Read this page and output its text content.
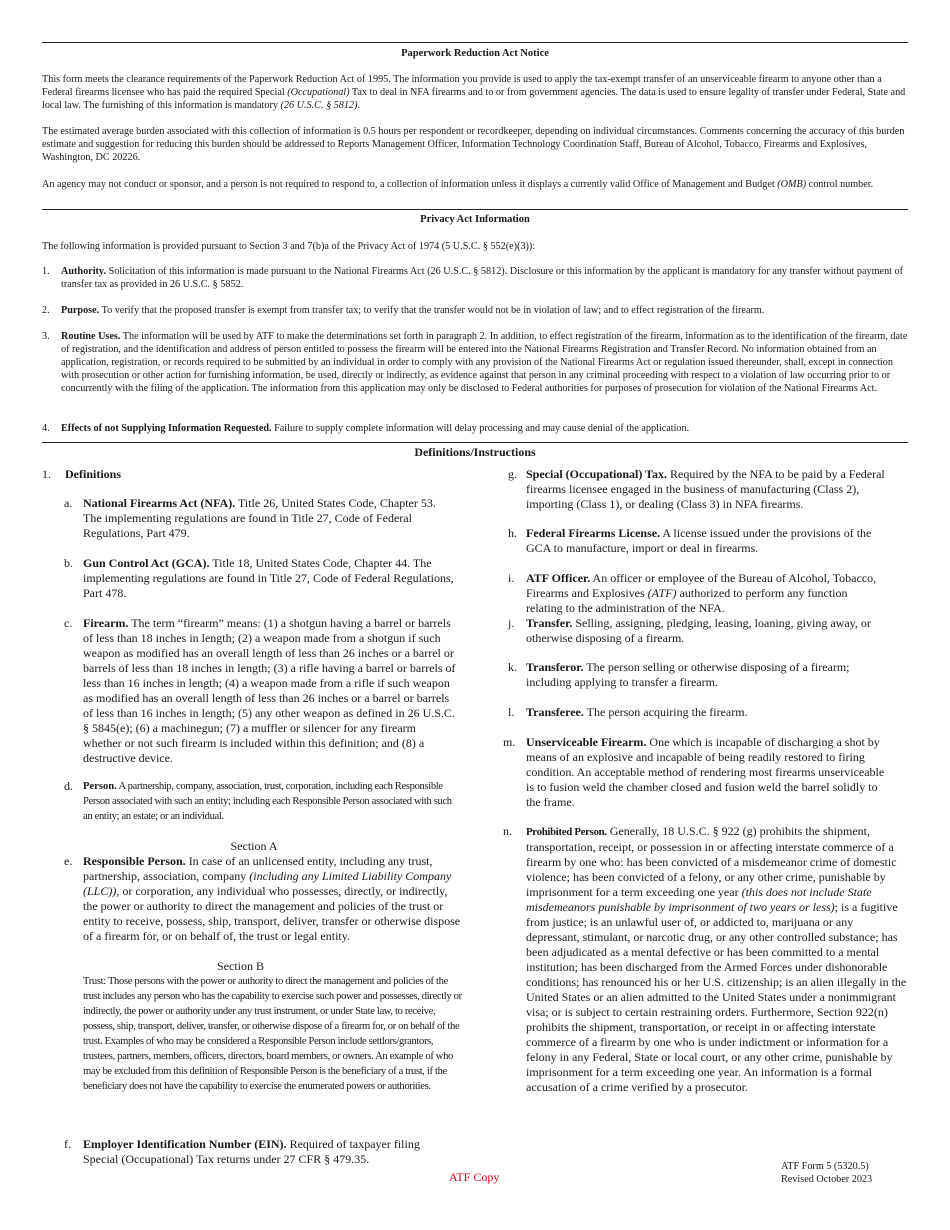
Paperwork Reduction Act Notice

This form meets the clearance requirements of the Paperwork Reduction Act of 1995. The information you provide is used to apply the tax-exempt transfer of an unserviceable firearm to anyone other than a Federal firearms licensee who has paid the required Special (Occupational) Tax to deal in NFA firearms and to or from government agencies. The data is used to ensure legality of transfer under Federal, State and local law. The furnishing of this information is mandatory (26 U.S.C. § 5812).

The estimated average burden associated with this collection of information is 0.5 hours per respondent or recordkeeper, depending on individual circumstances. Comments concerning the accuracy of this burden estimate and suggestion for reducing this burden should be addressed to Reports Management Officer, Information Technology Coordination Staff, Bureau of Alcohol, Tobacco, Firearms and Explosives, Washington, DC 20226.

An agency may not conduct or sponsor, and a person is not required to respond to, a collection of information unless it displays a currently valid Office of Management and Budget (OMB) control number.

Privacy Act Information

The following information is provided pursuant to Section 3 and 7(b)a of the Privacy Act of 1974 (5 U.S.C. § 552(e)(3)):

1. Authority. Solicitation of this information is made pursuant to the National Firearms Act (26 U.S.C. § 5812). Disclosure or this information by the applicant is mandatory for any transfer without payment of transfer tax as provided in 26 U.S.C. § 5852.
2. Purpose. To verify that the proposed transfer is exempt from transfer tax; to verify that the transfer would not be in violation of law; and to effect registration of the firearm.
3. Routine Uses. The information will be used by ATF to make the determinations set forth in paragraph 2. In addition, to effect registration of the firearm, information as to the identification of the firearm, date of registration, and the identification and address of person entitled to possess the firearm will be entered into the National Firearms Registration and Transfer Record. No information obtained from an application, registration, or records required to be submitted by an individual in order to comply with any provision of the National Firearms Act or regulation issued thereunder, shall, except in connection with prosecution or other action for furnishing information, be used, directly or indirectly, as evidence against that person in any criminal proceeding with respect to a violation of law occurring prior to or concurrently with the filing of the application. The information from this application may only be disclosed to Federal authorities for purposes of prosecution for violation of the National Firearms Act.
4. Effects of not Supplying Information Requested. Failure to supply complete information will delay processing and may cause denial of the application.
Definitions/Instructions
1. Definitions
a. National Firearms Act (NFA). Title 26, United States Code, Chapter 53. The implementing regulations are found in Title 27, Code of Federal Regulations, Part 479.
b. Gun Control Act (GCA). Title 18, United States Code, Chapter 44. The implementing regulations are found in Title 27, Code of Federal Regulations, Part 478.
c. Firearm. The term “firearm” means: (1) a shotgun having a barrel or barrels of less than 18 inches in length; (2) a weapon made from a shotgun if such weapon as modified has an overall length of less than 26 inches or a barrel or barrels of less than 18 inches in length; (3) a rifle having a barrel or barrels of less than 16 inches in length; (4) a weapon made from a rifle if such weapon as modified has an overall length of less than 26 inches or a barrel or barrels of less than 16 inches in length; (5) any other weapon as defined in 26 U.S.C. § 5845(e); (6) a machinegun; (7) a muffler or silencer for any firearm whether or not such firearm is included within this definition; and (8) a destructive device.
d. Person. A partnership, company, association, trust, corporation, including each Responsible Person associated with such an entity; including each Responsible Person associated with such an entity; an estate; or an individual.
Section A
e. Responsible Person. In case of an unlicensed entity, including any trust, partnership, association, company (including any Limited Liability Company (LLC)), or corporation, any individual who possesses, directly, or indirectly, the power or authority to direct the management and policies of the trust or entity to receive, possess, ship, transport, deliver, transfer or otherwise dispose of a firearm for, or on behalf of, the trust or legal entity.
Section B
Trust: Those persons with the power or authority to direct the management and policies of the trust includes any person who has the capability to exercise such power and possesses, directly or indirectly, the power or authority under any trust instrument, or under State law, to receive, possess, ship, transport, deliver, transfer, or otherwise dispose of a firearm for, or on behalf of the trust. Examples of who may be considered a Responsible Person include settlors/grantors, trustees, partners, members, officers, directors, board members, or owners. An example of who may be excluded from this definition of Responsible Person is the beneficiary of a trust, if the beneficiary does not have the capability to exercise the enumerated powers or authorities.
f. Employer Identification Number (EIN). Required of taxpayer filing Special (Occupational) Tax returns under 27 CFR § 479.35.
g. Special (Occupational) Tax. Required by the NFA to be paid by a Federal firearms licensee engaged in the business of manufacturing (Class 2), importing (Class 1), or dealing (Class 3) in NFA firearms.
h. Federal Firearms License. A license issued under the provisions of the GCA to manufacture, import or deal in firearms.
i. ATF Officer. An officer or employee of the Bureau of Alcohol, Tobacco, Firearms and Explosives (ATF) authorized to perform any function relating to the administration of the NFA.
j. Transfer. Selling, assigning, pledging, leasing, loaning, giving away, or otherwise disposing of a firearm.
k. Transferor. The person selling or otherwise disposing of a firearm; including applying to transfer a firearm.
l. Transferee. The person acquiring the firearm.
m. Unserviceable Firearm. One which is incapable of discharging a shot by means of an explosive and incapable of being readily restored to firing condition. An acceptable method of rendering most firearms unserviceable is to fusion weld the chamber closed and fusion weld the barrel solidly to the frame.
n. Prohibited Person. Generally, 18 U.S.C. § 922 (g) prohibits the shipment, transportation, receipt, or possession in or affecting interstate commerce of a firearm by one who: has been convicted of a misdemeanor crime of domestic violence; has been convicted of a felony, or any other crime, punishable by imprisonment for a term exceeding one year (this does not include State misdemeanors punishable by imprisonment of two years or less); is a fugitive from justice; is an unlawful user of, or addicted to, marijuana or any depressant, stimulant, or narcotic drug, or any other controlled substance; has been adjudicated as a mental defective or has been committed to a mental institution; has been discharged from the Armed Forces under dishonorable conditions; has renounced his or her U.S. citizenship; is an alien illegally in the United States or an alien admitted to the United States under a nonimmigrant visa; or is subject to certain restraining orders. Furthermore, Section 922(n) prohibits the shipment, transportation, or receipt in or affecting interstate commerce of a firearm by one who is under indictment or information for a felony in any Federal, State or local court, or any other crime, punishable by imprisonment for a term exceeding one year. An information is a formal accusation of a crime verified by a prosecutor.
ATF Copy
ATF Form 5 (5320.5)
Revised October 2023
